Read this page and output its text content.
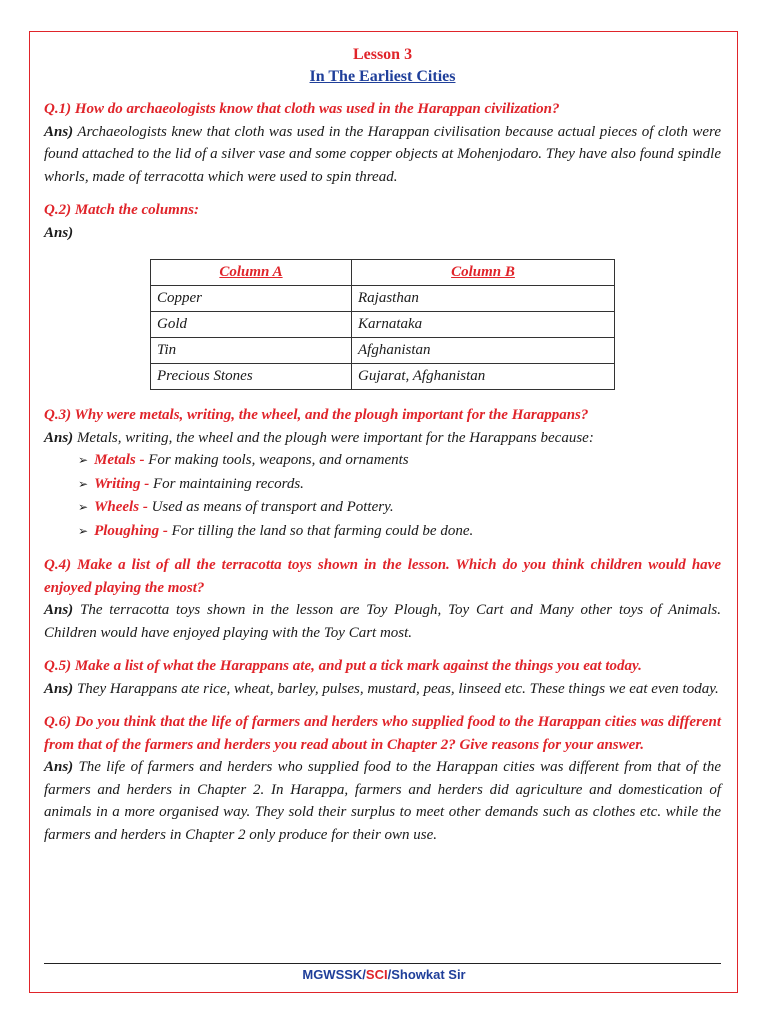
Lesson 3

In The Earliest Cities

Q.1) How do archaeologists know that cloth was used in the Harappan civilization?

Ans) Archaeologists knew that cloth was used in the Harappan civilisation because actual pieces of cloth were found attached to the lid of a silver vase and some copper objects at Mohenjodaro. They have also found spindle whorls, made of terracotta which were used to spin thread.

Q.2) Match the columns:

Ans)

Column A	Column B
Copper	Rajasthan
Gold	Karnataka
Tin	Afghanistan
Precious Stones	Gujarat, Afghanistan

Q.3) Why were metals, writing, the wheel, and the plough important for the Harappans?

Ans) Metals, writing, the wheel and the plough were important for the Harappans because:

➢ Metals - For making tools, weapons, and ornaments
➢ Writing - For maintaining records.
➢ Wheels - Used as means of transport and Pottery.
➢ Ploughing - For tilling the land so that farming could be done.

Q.4) Make a list of all the terracotta toys shown in the lesson. Which do you think children would have enjoyed playing the most?

Ans) The terracotta toys shown in the lesson are Toy Plough, Toy Cart and Many other toys of Animals. Children would have enjoyed playing with the Toy Cart most.

Q.5) Make a list of what the Harappans ate, and put a tick mark against the things you eat today.

Ans) They Harappans ate rice, wheat, barley, pulses, mustard, peas, linseed etc. These things we eat even today.

Q.6) Do you think that the life of farmers and herders who supplied food to the Harappan cities was different from that of the farmers and herders you read about in Chapter 2? Give reasons for your answer.

Ans) The life of farmers and herders who supplied food to the Harappan cities was different from that of the farmers and herders in Chapter 2. In Harappa, farmers and herders did agriculture and domestication of animals in a more organised way. They sold their surplus to meet other demands such as clothes etc. while the farmers and herders in Chapter 2 only produce for their own use.

MGWSSK/SCI/Showkat Sir
